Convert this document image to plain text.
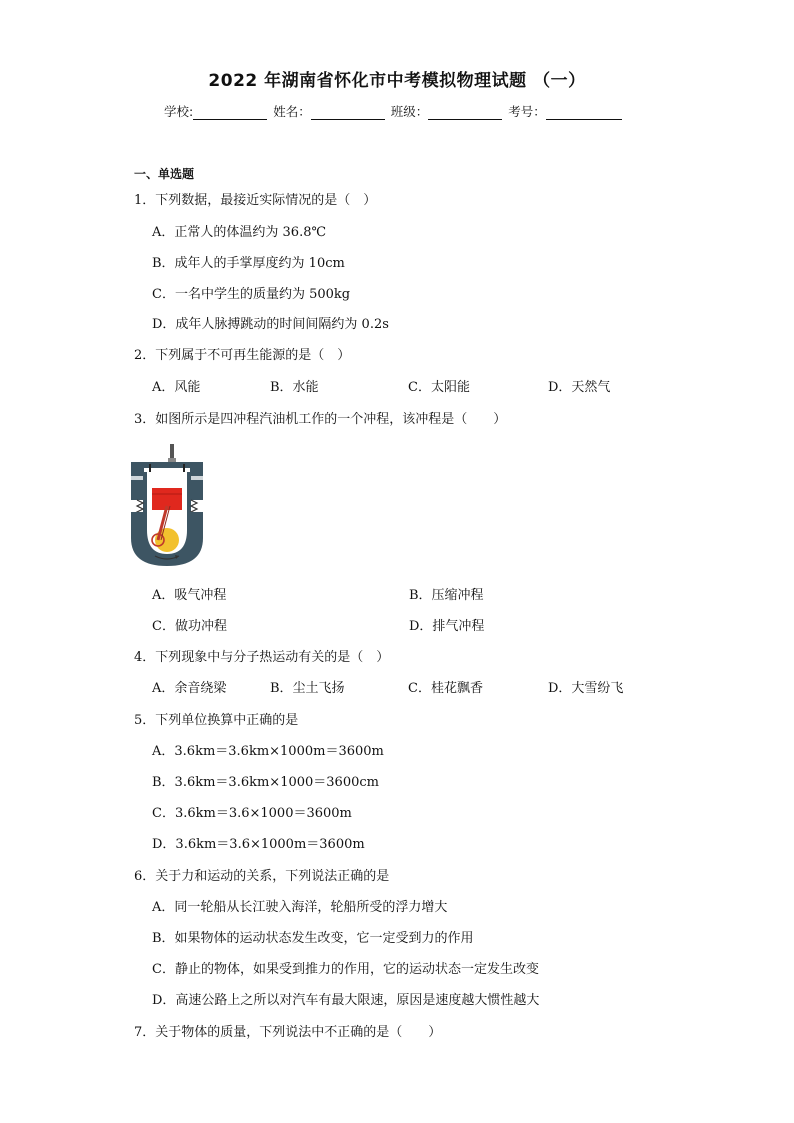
2022 年湖南省怀化市中考模拟物理试题 （一）
学校:	姓名：	班级：	考号：
一、单选题
1．下列数据，最接近实际情况的是（　）
A．正常人的体温约为 36.8℃
B．成年人的手掌厚度约为 10cm
C．一名中学生的质量约为 500kg
D．成年人脉搏跳动的时间间隔约为 0.2s
2．下列属于不可再生能源的是（　）
A．风能	B．水能	C．太阳能	D．天然气
3．如图所示是四冲程汽油机工作的一个冲程，该冲程是（　　）
A．吸气冲程	B．压缩冲程
C．做功冲程	D．排气冲程
4．下列现象中与分子热运动有关的是（　）
A．余音绕梁	B．尘土飞扬	C．桂花飘香	D．大雪纷飞
5．下列单位换算中正确的是
A．3.6km＝3.6km×1000m＝3600m
B．3.6km＝3.6km×1000＝3600cm
C．3.6km＝3.6×1000＝3600m
D．3.6km＝3.6×1000m＝3600m
6．关于力和运动的关系，下列说法正确的是
A．同一轮船从长江驶入海洋，轮船所受的浮力增大
B．如果物体的运动状态发生改变，它一定受到力的作用
C．静止的物体，如果受到推力的作用，它的运动状态一定发生改变
D．高速公路上之所以对汽车有最大限速，原因是速度越大惯性越大
7．关于物体的质量，下列说法中不正确的是（　　）
